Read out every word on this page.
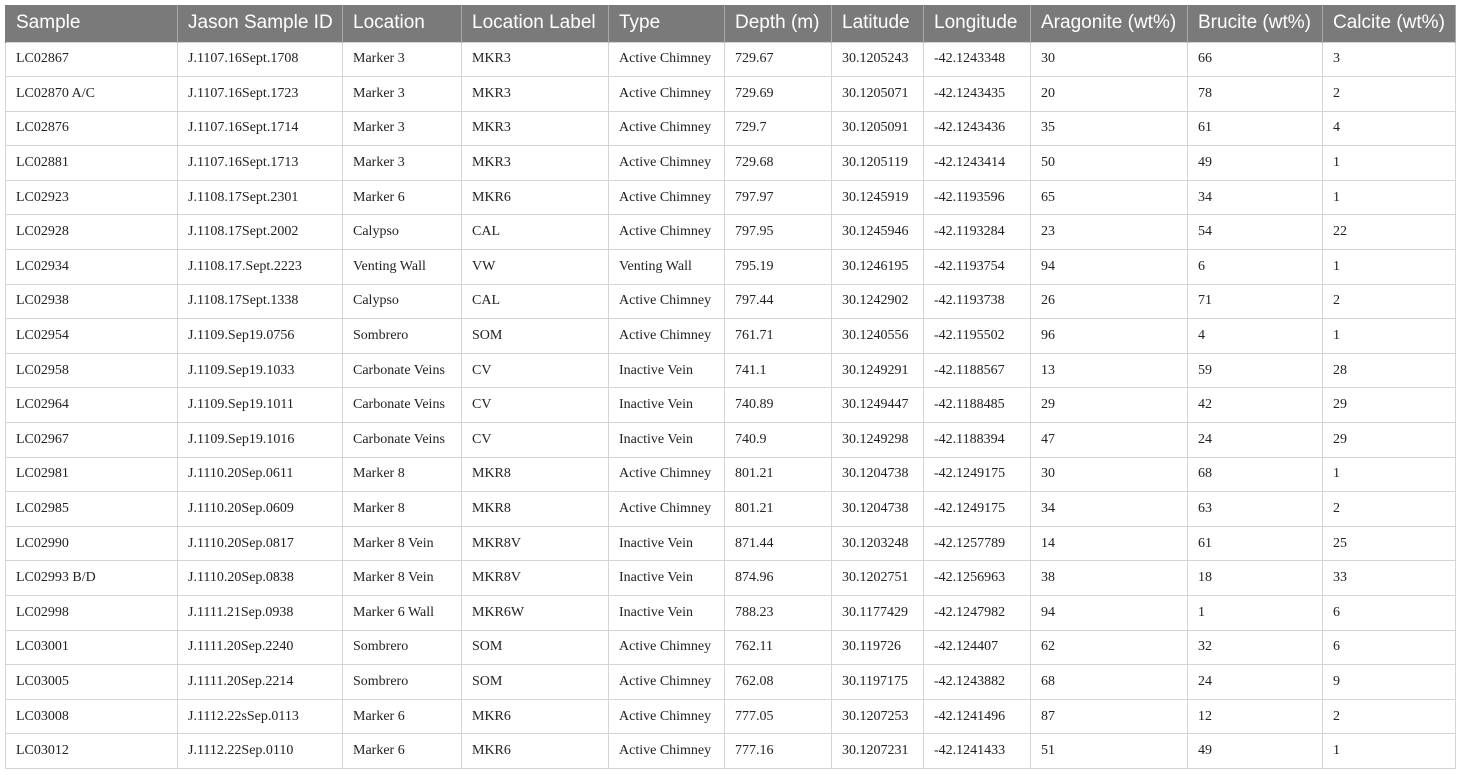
Sample	Jason Sample ID	Location	Location Label	Type	Depth (m)	Latitude	Longitude	Aragonite (wt%)	Brucite (wt%)	Calcite (wt%)
LC02867	J.1107.16Sept.1708	Marker 3	MKR3	Active Chimney	729.67	30.1205243	-42.1243348	30	66	3
LC02870 A/C	J.1107.16Sept.1723	Marker 3	MKR3	Active Chimney	729.69	30.1205071	-42.1243435	20	78	2
LC02876	J.1107.16Sept.1714	Marker 3	MKR3	Active Chimney	729.7	30.1205091	-42.1243436	35	61	4
LC02881	J.1107.16Sept.1713	Marker 3	MKR3	Active Chimney	729.68	30.1205119	-42.1243414	50	49	1
LC02923	J.1108.17Sept.2301	Marker 6	MKR6	Active Chimney	797.97	30.1245919	-42.1193596	65	34	1
LC02928	J.1108.17Sept.2002	Calypso	CAL	Active Chimney	797.95	30.1245946	-42.1193284	23	54	22
LC02934	J.1108.17.Sept.2223	Venting Wall	VW	Venting Wall	795.19	30.1246195	-42.1193754	94	6	1
LC02938	J.1108.17Sept.1338	Calypso	CAL	Active Chimney	797.44	30.1242902	-42.1193738	26	71	2
LC02954	J.1109.Sep19.0756	Sombrero	SOM	Active Chimney	761.71	30.1240556	-42.1195502	96	4	1
LC02958	J.1109.Sep19.1033	Carbonate Veins	CV	Inactive Vein	741.1	30.1249291	-42.1188567	13	59	28
LC02964	J.1109.Sep19.1011	Carbonate Veins	CV	Inactive Vein	740.89	30.1249447	-42.1188485	29	42	29
LC02967	J.1109.Sep19.1016	Carbonate Veins	CV	Inactive Vein	740.9	30.1249298	-42.1188394	47	24	29
LC02981	J.1110.20Sep.0611	Marker 8	MKR8	Active Chimney	801.21	30.1204738	-42.1249175	30	68	1
LC02985	J.1110.20Sep.0609	Marker 8	MKR8	Active Chimney	801.21	30.1204738	-42.1249175	34	63	2
LC02990	J.1110.20Sep.0817	Marker 8 Vein	MKR8V	Inactive Vein	871.44	30.1203248	-42.1257789	14	61	25
LC02993 B/D	J.1110.20Sep.0838	Marker 8 Vein	MKR8V	Inactive Vein	874.96	30.1202751	-42.1256963	38	18	33
LC02998	J.1111.21Sep.0938	Marker 6 Wall	MKR6W	Inactive Vein	788.23	30.1177429	-42.1247982	94	1	6
LC03001	J.1111.20Sep.2240	Sombrero	SOM	Active Chimney	762.11	30.119726	-42.124407	62	32	6
LC03005	J.1111.20Sep.2214	Sombrero	SOM	Active Chimney	762.08	30.1197175	-42.1243882	68	24	9
LC03008	J.1112.22sSep.0113	Marker 6	MKR6	Active Chimney	777.05	30.1207253	-42.1241496	87	12	2
LC03012	J.1112.22Sep.0110	Marker 6	MKR6	Active Chimney	777.16	30.1207231	-42.1241433	51	49	1
